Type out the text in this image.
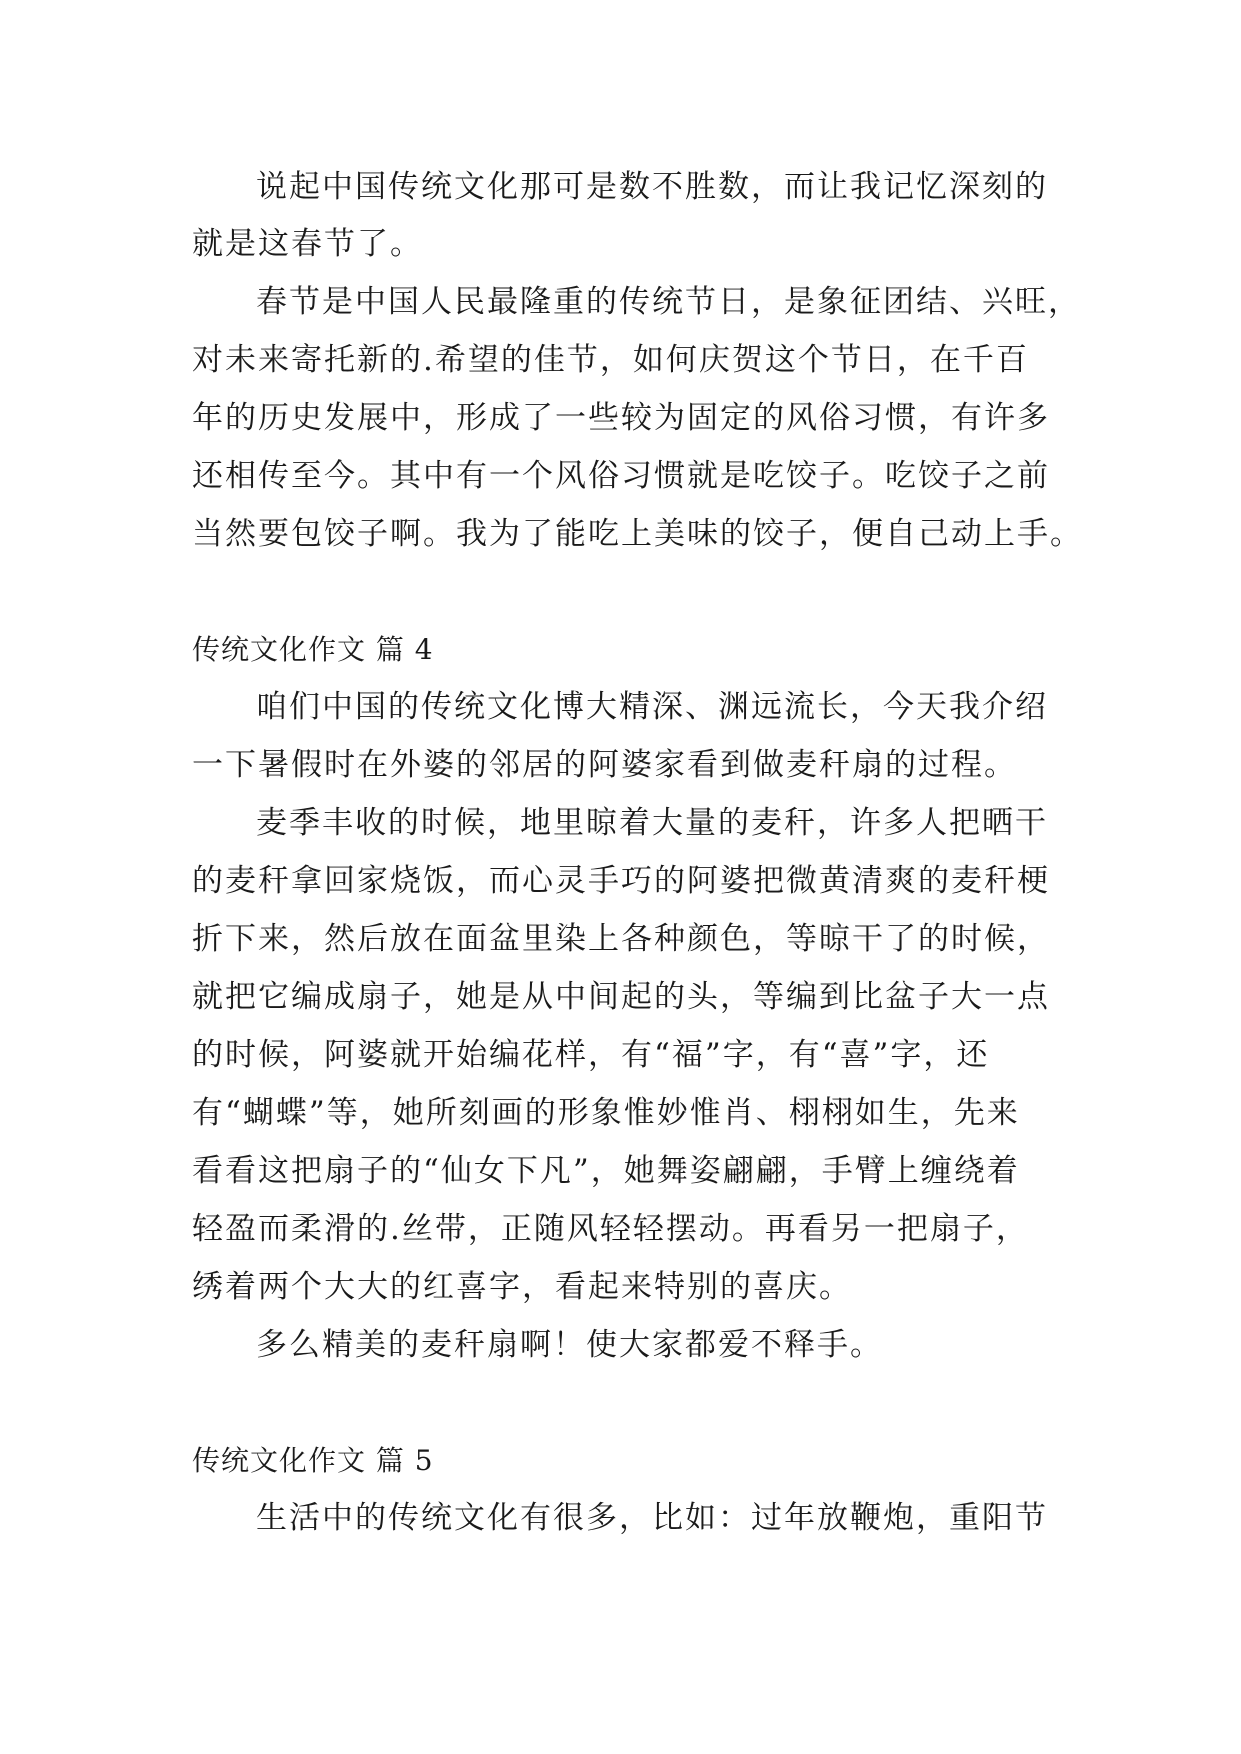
说起中国传统文化那可是数不胜数，而让我记忆深刻的
就是这春节了。
春节是中国人民最隆重的传统节日，是象征团结、兴旺，
对未来寄托新的.希望的佳节，如何庆贺这个节日，在千百
年的历史发展中，形成了一些较为固定的风俗习惯，有许多
还相传至今。其中有一个风俗习惯就是吃饺子。吃饺子之前
当然要包饺子啊。我为了能吃上美味的饺子，便自己动上手。
传统文化作文 篇 4
咱们中国的传统文化博大精深、渊远流长，今天我介绍
一下暑假时在外婆的邻居的阿婆家看到做麦秆扇的过程。
麦季丰收的时候，地里晾着大量的麦秆，许多人把晒干
的麦秆拿回家烧饭，而心灵手巧的阿婆把微黄清爽的麦秆梗
折下来，然后放在面盆里染上各种颜色，等晾干了的时候，
就把它编成扇子，她是从中间起的头，等编到比盆子大一点
的时候，阿婆就开始编花样，有“福”字，有“喜”字，还
有“蝴蝶”等，她所刻画的形象惟妙惟肖、栩栩如生，先来
看看这把扇子的“仙女下凡”，她舞姿翩翩，手臂上缠绕着
轻盈而柔滑的.丝带，正随风轻轻摆动。再看另一把扇子，
绣着两个大大的红喜字，看起来特别的喜庆。
多么精美的麦秆扇啊！使大家都爱不释手。
传统文化作文 篇 5
生活中的传统文化有很多，比如：过年放鞭炮，重阳节
